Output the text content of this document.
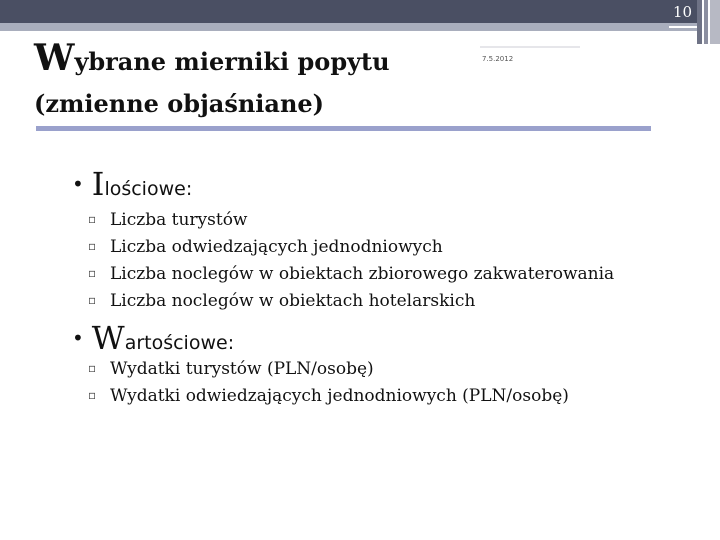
10
Wybrane mierniki popytu	7.5.2012
(zmienne objaśniane)
• Ilościowe:
▫ Liczba turystów
▫ Liczba odwiedzających jednodniowych
▫ Liczba noclegów w obiektach zbiorowego zakwaterowania
▫ Liczba noclegów w obiektach hotelarskich
• Wartościowe:
▫ Wydatki turystów (PLN/osobę)
▫ Wydatki odwiedzających jednodniowych (PLN/osobę)
